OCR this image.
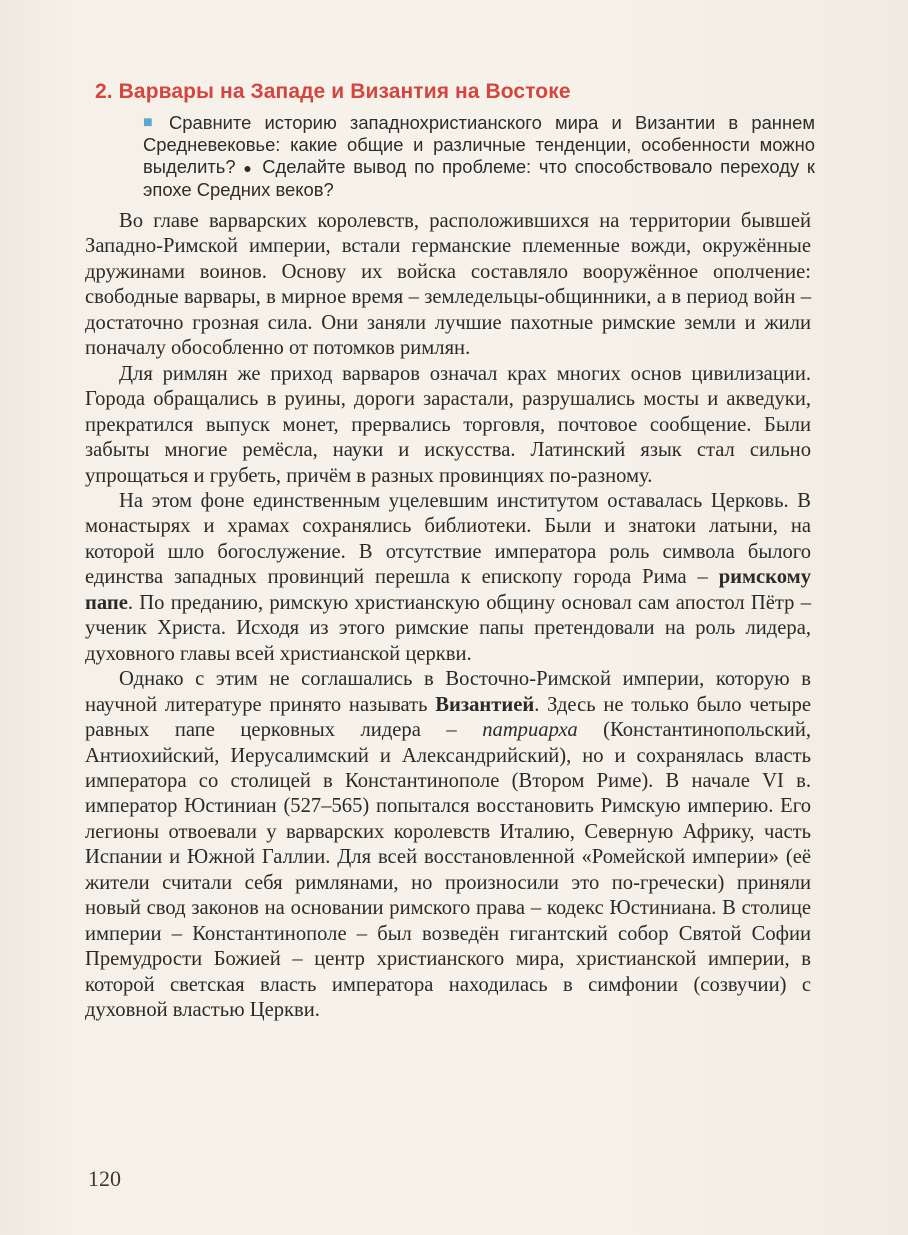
2. Варвары на Западе и Византия на Востоке
■ Сравните историю западнохристианского мира и Византии в раннем Средневековье: какие общие и различные тенденции, особенности можно выделить? ● Сделайте вывод по проблеме: что способствовало переходу к эпохе Средних веков?

Во главе варварских королевств, расположившихся на территории бывшей Западно-Римской империи, встали германские племенные вожди, окружённые дружинами воинов. Основу их войска составляло вооружённое ополчение: свободные варвары, в мирное время – земледельцы-общинники, а в период войн – достаточно грозная сила. Они заняли лучшие пахотные римские земли и жили поначалу обособленно от потомков римлян.

Для римлян же приход варваров означал крах многих основ цивилизации. Города обращались в руины, дороги зарастали, разрушались мосты и акведуки, прекратился выпуск монет, прервались торговля, почтовое сообщение. Были забыты многие ремёсла, науки и искусства. Латинский язык стал сильно упрощаться и грубеть, причём в разных провинциях по-разному.

На этом фоне единственным уцелевшим институтом оставалась Церковь. В монастырях и храмах сохранялись библиотеки. Были и знатоки латыни, на которой шло богослужение. В отсутствие императора роль символа былого единства западных провинций перешла к епископу города Рима – римскому папе. По преданию, римскую христианскую общину основал сам апостол Пётр – ученик Христа. Исходя из этого римские папы претендовали на роль лидера, духовного главы всей христианской церкви.

Однако с этим не соглашались в Восточно-Римской империи, которую в научной литературе принято называть Византией. Здесь не только было четыре равных папе церковных лидера – патриарха (Константинопольский, Антиохийский, Иерусалимский и Александрийский), но и сохранялась власть императора со столицей в Константинополе (Втором Риме). В начале VI в. император Юстиниан (527–565) попытался восстановить Римскую империю. Его легионы отвоевали у варварских королевств Италию, Северную Африку, часть Испании и Южной Галлии. Для всей восстановленной «Ромейской империи» (её жители считали себя римлянами, но произносили это по-гречески) приняли новый свод законов на основании римского права – кодекс Юстиниана. В столице империи – Константинополе – был возведён гигантский собор Святой Софии Премудрости Божией – центр христианского мира, христианской империи, в которой светская власть императора находилась в симфонии (созвучии) с духовной властью Церкви.

120
